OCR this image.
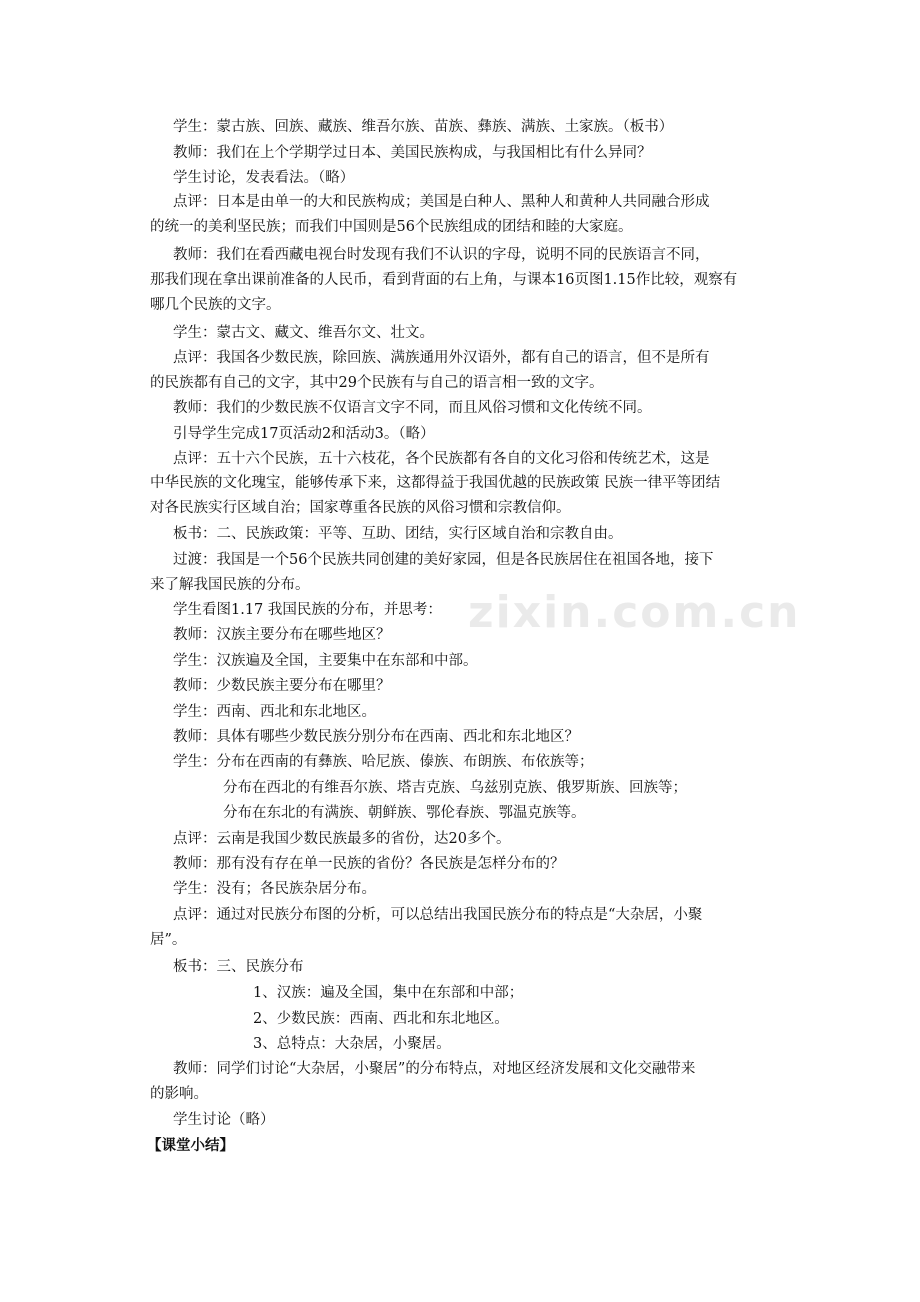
zixin.com.cn

学生：蒙古族、回族、藏族、维吾尔族、苗族、彝族、满族、土家族。（板书）

教师：我们在上个学期学过日本、美国民族构成，与我国相比有什么异同？

学生讨论，发表看法。（略）

点评：日本是由单一的大和民族构成；美国是白种人、黑种人和黄种人共同融合形成

的统一的美利坚民族；而我们中国则是56个民族组成的团结和睦的大家庭。

教师：我们在看西藏电视台时发现有我们不认识的字母，说明不同的民族语言不同，

那我们现在拿出课前准备的人民币，看到背面的右上角，与课本16页图1.15作比较，观察有

哪几个民族的文字。

学生：蒙古文、藏文、维吾尔文、壮文。

点评：我国各少数民族，除回族、满族通用外汉语外，都有自己的语言，但不是所有

的民族都有自己的文字，其中29个民族有与自己的语言相一致的文字。

教师：我们的少数民族不仅语言文字不同，而且风俗习惯和文化传统不同。

引导学生完成17页活动2和活动3。（略）

点评：五十六个民族，五十六枝花，各个民族都有各自的文化习俗和传统艺术，这是

中华民族的文化瑰宝，能够传承下来，这都得益于我国优越的民族政策 民族一律平等团结

对各民族实行区域自治；国家尊重各民族的风俗习惯和宗教信仰。

板书：二、民族政策：平等、互助、团结，实行区域自治和宗教自由。

过渡：我国是一个56个民族共同创建的美好家园，但是各民族居住在祖国各地，接下

来了解我国民族的分布。

学生看图1.17 我国民族的分布，并思考：

教师：汉族主要分布在哪些地区？

学生：汉族遍及全国，主要集中在东部和中部。

教师：少数民族主要分布在哪里？

学生：西南、西北和东北地区。

教师：具体有哪些少数民族分别分布在西南、西北和东北地区？

学生：分布在西南的有彝族、哈尼族、傣族、布朗族、布依族等；

分布在西北的有维吾尔族、塔吉克族、乌兹别克族、俄罗斯族、回族等；

分布在东北的有满族、朝鲜族、鄂伦春族、鄂温克族等。

点评：云南是我国少数民族最多的省份，达20多个。

教师：那有没有存在单一民族的省份？各民族是怎样分布的？

学生：没有；各民族杂居分布。

点评：通过对民族分布图的分析，可以总结出我国民族分布的特点是“大杂居，小聚

居”。

板书：三、民族分布

1、汉族：遍及全国，集中在东部和中部；

2、少数民族：西南、西北和东北地区。

3、总特点：大杂居，小聚居。

教师：同学们讨论“大杂居，小聚居”的分布特点，对地区经济发展和文化交融带来

的影响。

学生讨论（略）

【课堂小结】
